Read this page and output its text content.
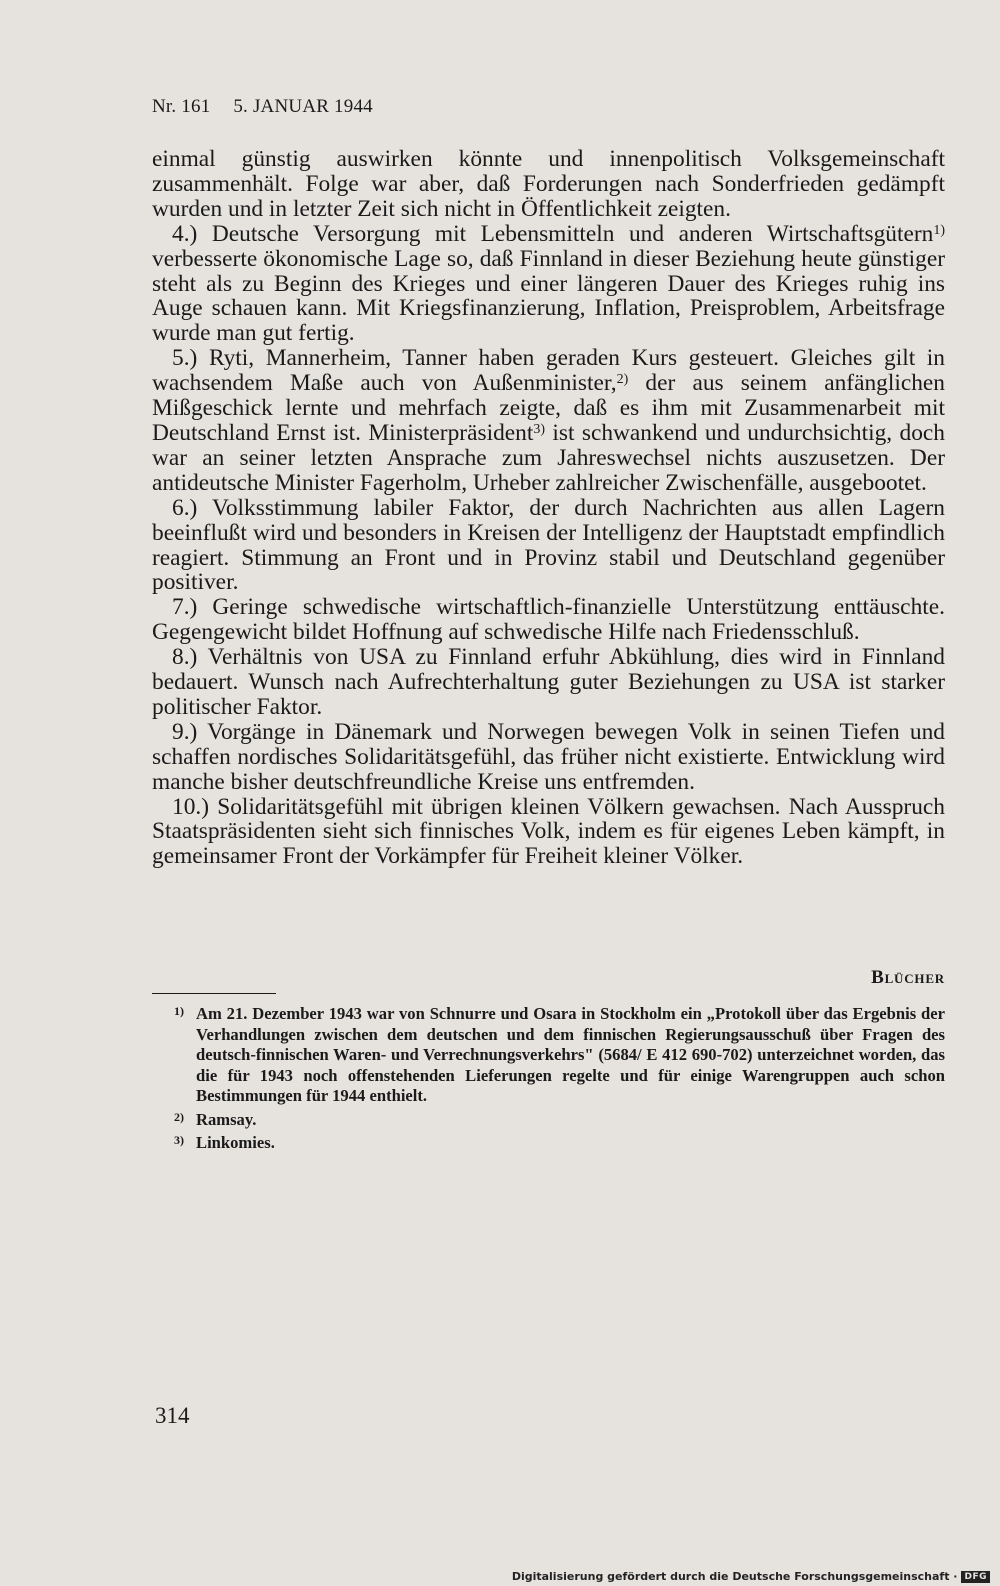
Nr. 161 5. JANUAR 1944

einmal günstig auswirken könnte und innenpolitisch Volksgemeinschaft zusammenhält. Folge war aber, daß Forderungen nach Sonderfrieden gedämpft wurden und in letzter Zeit sich nicht in Öffentlichkeit zeigten.

4.) Deutsche Versorgung mit Lebensmitteln und anderen Wirtschaftsgütern$^{1)}$ verbesserte ökonomische Lage so, daß Finnland in dieser Beziehung heute günstiger steht als zu Beginn des Krieges und einer längeren Dauer des Krieges ruhig ins Auge schauen kann. Mit Kriegsfinanzierung, Inflation, Preisproblem, Arbeitsfrage wurde man gut fertig.

5.) Ryti, Mannerheim, Tanner haben geraden Kurs gesteuert. Gleiches gilt in wachsendem Maße auch von Außenminister,$^{2)}$ der aus seinem anfänglichen Mißgeschick lernte und mehrfach zeigte, daß es ihm mit Zusammenarbeit mit Deutschland Ernst ist. Ministerpräsident$^{3)}$ ist schwankend und undurchsichtig, doch war an seiner letzten Ansprache zum Jahreswechsel nichts auszusetzen. Der antideutsche Minister Fagerholm, Urheber zahlreicher Zwischenfälle, ausgebootet.

6.) Volksstimmung labiler Faktor, der durch Nachrichten aus allen Lagern beeinflußt wird und besonders in Kreisen der Intelligenz der Hauptstadt empfindlich reagiert. Stimmung an Front und in Provinz stabil und Deutschland gegenüber positiver.

7.) Geringe schwedische wirtschaftlich-finanzielle Unterstützung enttäuschte. Gegengewicht bildet Hoffnung auf schwedische Hilfe nach Friedensschluß.

8.) Verhältnis von USA zu Finnland erfuhr Abkühlung, dies wird in Finnland bedauert. Wunsch nach Aufrechterhaltung guter Beziehungen zu USA ist starker politischer Faktor.

9.) Vorgänge in Dänemark und Norwegen bewegen Volk in seinen Tiefen und schaffen nordisches Solidaritätsgefühl, das früher nicht existierte. Entwicklung wird manche bisher deutschfreundliche Kreise uns entfremden.

10.) Solidaritätsgefühl mit übrigen kleinen Völkern gewachsen. Nach Ausspruch Staatspräsidenten sieht sich finnisches Volk, indem es für eigenes Leben kämpft, in gemeinsamer Front der Vorkämpfer für Freiheit kleiner Völker.

Blücher
1) Am 21. Dezember 1943 war von Schnurre und Osara in Stockholm ein „Protokoll über das Ergebnis der Verhandlungen zwischen dem deutschen und dem finnischen Regierungsausschuß über Fragen des deutsch-finnischen Waren- und Verrechnungsverkehrs" (5684/ E 412 690-702) unterzeichnet worden, das die für 1943 noch offenstehenden Lieferungen regelte und für einige Warengruppen auch schon Bestimmungen für 1944 enthielt.
2) Ramsay.
3) Linkomies.
314
Digitalisierung gefördert durch die Deutsche Forschungsgemeinschaft · DFG
